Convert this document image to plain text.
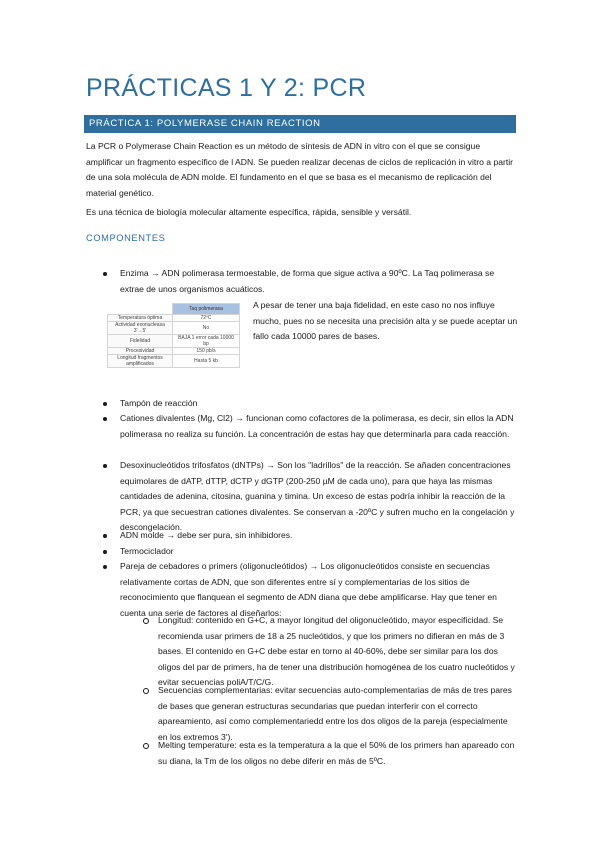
PRÁCTICAS 1 Y 2: PCR
PRÁCTICA 1: POLYMERASE CHAIN REACTION

La PCR o Polymerase Chain Reaction es un método de síntesis de ADN in vitro con el que se consigue amplificar un fragmento específico de l ADN. Se pueden realizar decenas de ciclos de replicación in vitro a partir de una sola molécula de ADN molde. El fundamento en el que se basa es el mecanismo de replicación del material genético.

Es una técnica de biología molecular altamente específica, rápida, sensible y versátil.

COMPONENTES
Enzima → ADN polimerasa termoestable, de forma que sigue activa a 90ºC. La Taq polimerasa se extrae de unos organismos acuáticos.
	Taq polimerasa
Temperatura óptima	72ºC
Actividad exonucleasa 3'→5'	No
Fidelidad	BAJA 1 error cada 10000 bp
Procesividad	150 pb/s
Longitud fragmentos amplificados	Hasta 5 kb
A pesar de tener una baja fidelidad, en este caso no nos influye mucho, pues no se necesita una precisión alta y se puede aceptar un fallo cada 10000 pares de bases.
Tampón de reacción
Cationes divalentes (Mg, Cl2) → funcionan como cofactores de la polimerasa, es decir, sin ellos la ADN polimerasa no realiza su función. La concentración de estas hay que determinarla para cada reacción.
Desoxinucleótidos trifosfatos (dNTPs) → Son los "ladrillos" de la reacción. Se añaden concentraciones equimolares de dATP, dTTP, dCTP y dGTP (200-250 µM de cada uno), para que haya las mismas cantidades de adenina, citosina, guanina y timina. Un exceso de estas podría inhibir la reacción de la PCR, ya que secuestran cationes divalentes. Se conservan a -20ºC y sufren mucho en la congelación y descongelación.
ADN molde → debe ser pura, sin inhibidores.
Termociclador
Pareja de cebadores o primers (oligonucleótidos) → Los oligonucleótidos consiste en secuencias relativamente cortas de ADN, que son diferentes entre sí y complementarias de los sitios de reconocimiento que flanquean el segmento de ADN diana que debe amplificarse. Hay que tener en cuenta una serie de factores al diseñarlos:
Longitud: contenido en G+C, a mayor longitud del oligonucleótido, mayor especificidad. Se recomienda usar primers de 18 a 25 nucleótidos, y que los primers no difieran en más de 3 bases. El contenido en G+C debe estar en torno al 40-60%, debe ser similar para los dos oligos del par de primers, ha de tener una distribución homogénea de los cuatro nucleótidos y evitar secuencias poliA/T/C/G.
Secuencias complementarias: evitar secuencias auto-complementarias de más de tres pares de bases que generan estructuras secundarias que puedan interferir con el correcto apareamiento, así como complementariedd entre los dos oligos de la pareja (especialmente en los extremos 3').
Melting temperature: esta es la temperatura a la que el 50% de los primers han apareado con su diana, la Tm de los oligos no debe diferir en más de 5ºC.
